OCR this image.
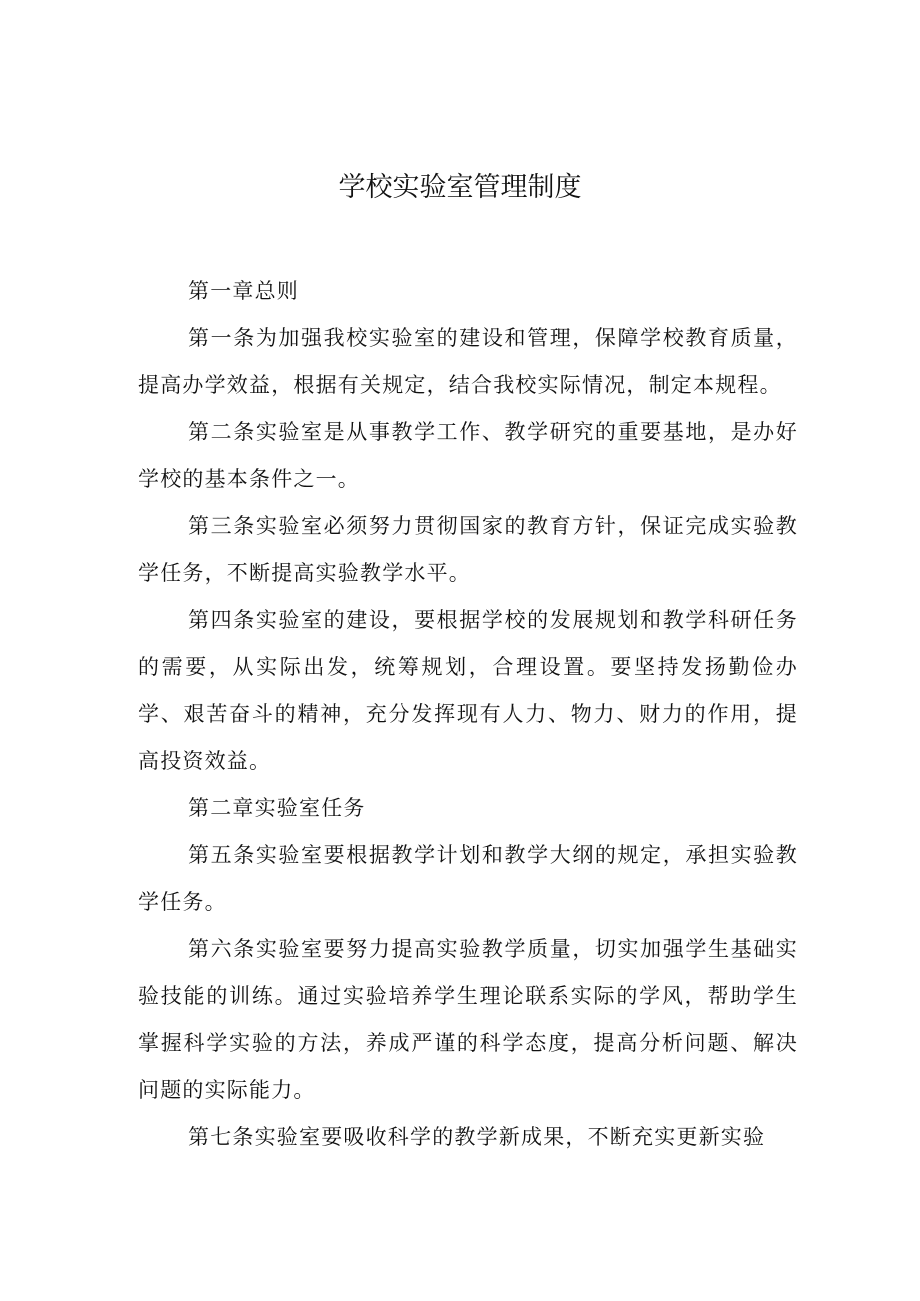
学校实验室管理制度

第一章总则

第一条为加强我校实验室的建设和管理，保障学校教育质量，提高办学效益，根据有关规定，结合我校实际情况，制定本规程。

第二条实验室是从事教学工作、教学研究的重要基地，是办好学校的基本条件之一。

第三条实验室必须努力贯彻国家的教育方针，保证完成实验教学任务，不断提高实验教学水平。

第四条实验室的建设，要根据学校的发展规划和教学科研任务的需要，从实际出发，统筹规划，合理设置。要坚持发扬勤俭办学、艰苦奋斗的精神，充分发挥现有人力、物力、财力的作用，提高投资效益。

第二章实验室任务

第五条实验室要根据教学计划和教学大纲的规定，承担实验教学任务。

第六条实验室要努力提高实验教学质量，切实加强学生基础实验技能的训练。通过实验培养学生理论联系实际的学风，帮助学生掌握科学实验的方法，养成严谨的科学态度，提高分析问题、解决问题的实际能力。

第七条实验室要吸收科学的教学新成果，不断充实更新实验
